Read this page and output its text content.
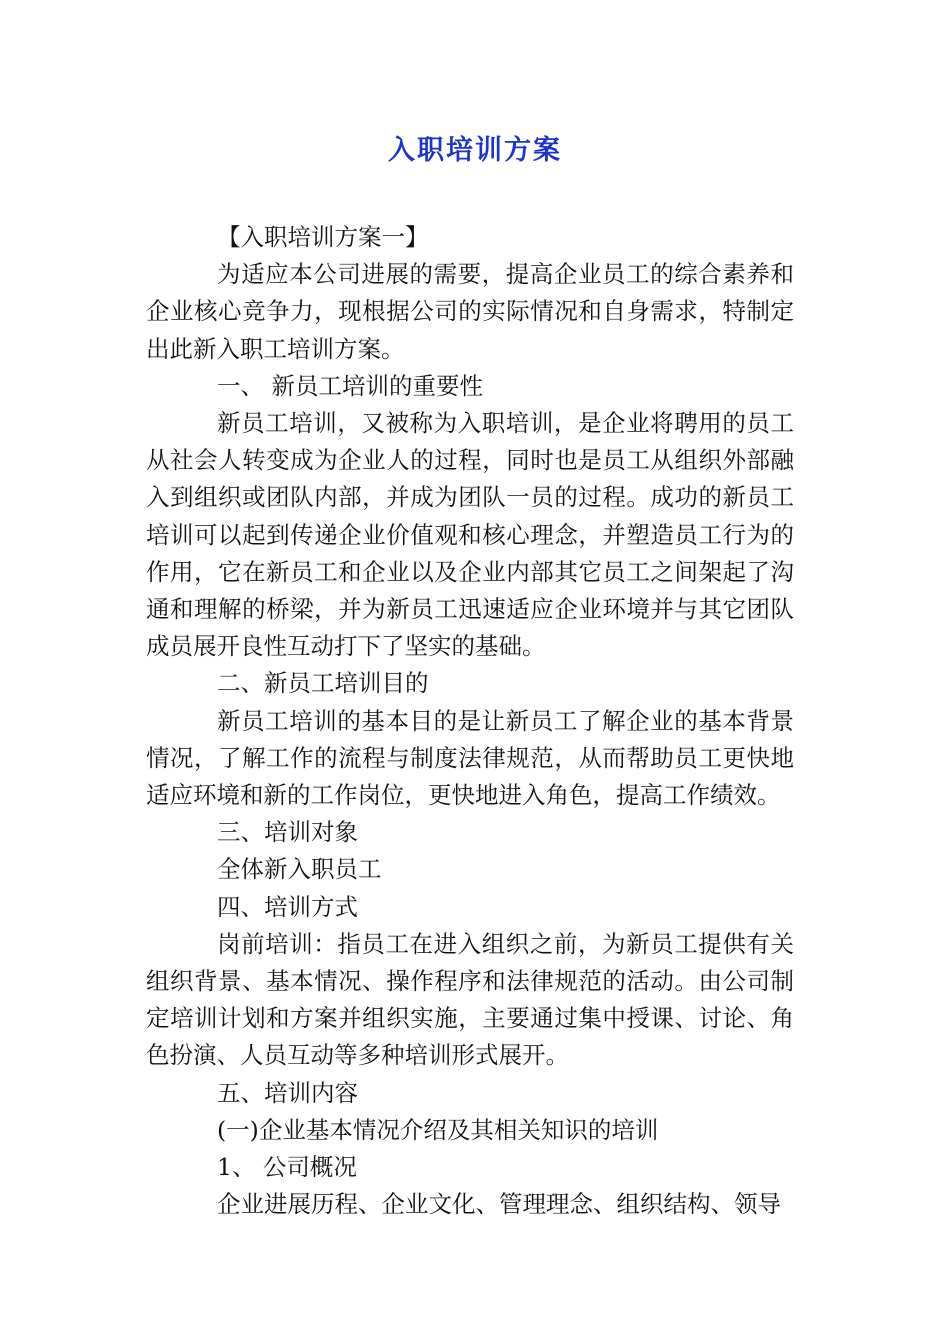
入职培训方案

【入职培训方案一】

为适应本公司进展的需要，提高企业员工的综合素养和企业核心竞争力，现根据公司的实际情况和自身需求，特制定出此新入职工培训方案。

一、 新员工培训的重要性

新员工培训，又被称为入职培训，是企业将聘用的员工从社会人转变成为企业人的过程，同时也是员工从组织外部融入到组织或团队内部，并成为团队一员的过程。成功的新员工培训可以起到传递企业价值观和核心理念，并塑造员工行为的作用，它在新员工和企业以及企业内部其它员工之间架起了沟通和理解的桥梁，并为新员工迅速适应企业环境并与其它团队成员展开良性互动打下了坚实的基础。

二、新员工培训目的

新员工培训的基本目的是让新员工了解企业的基本背景情况，了解工作的流程与制度法律规范，从而帮助员工更快地适应环境和新的工作岗位，更快地进入角色，提高工作绩效。

三、培训对象

全体新入职员工

四、培训方式

岗前培训：指员工在进入组织之前，为新员工提供有关组织背景、基本情况、操作程序和法律规范的活动。由公司制定培训计划和方案并组织实施，主要通过集中授课、讨论、角色扮演、人员互动等多种培训形式展开。

五、培训内容

(一)企业基本情况介绍及其相关知识的培训

1、 公司概况

企业进展历程、企业文化、管理理念、组织结构、领导
